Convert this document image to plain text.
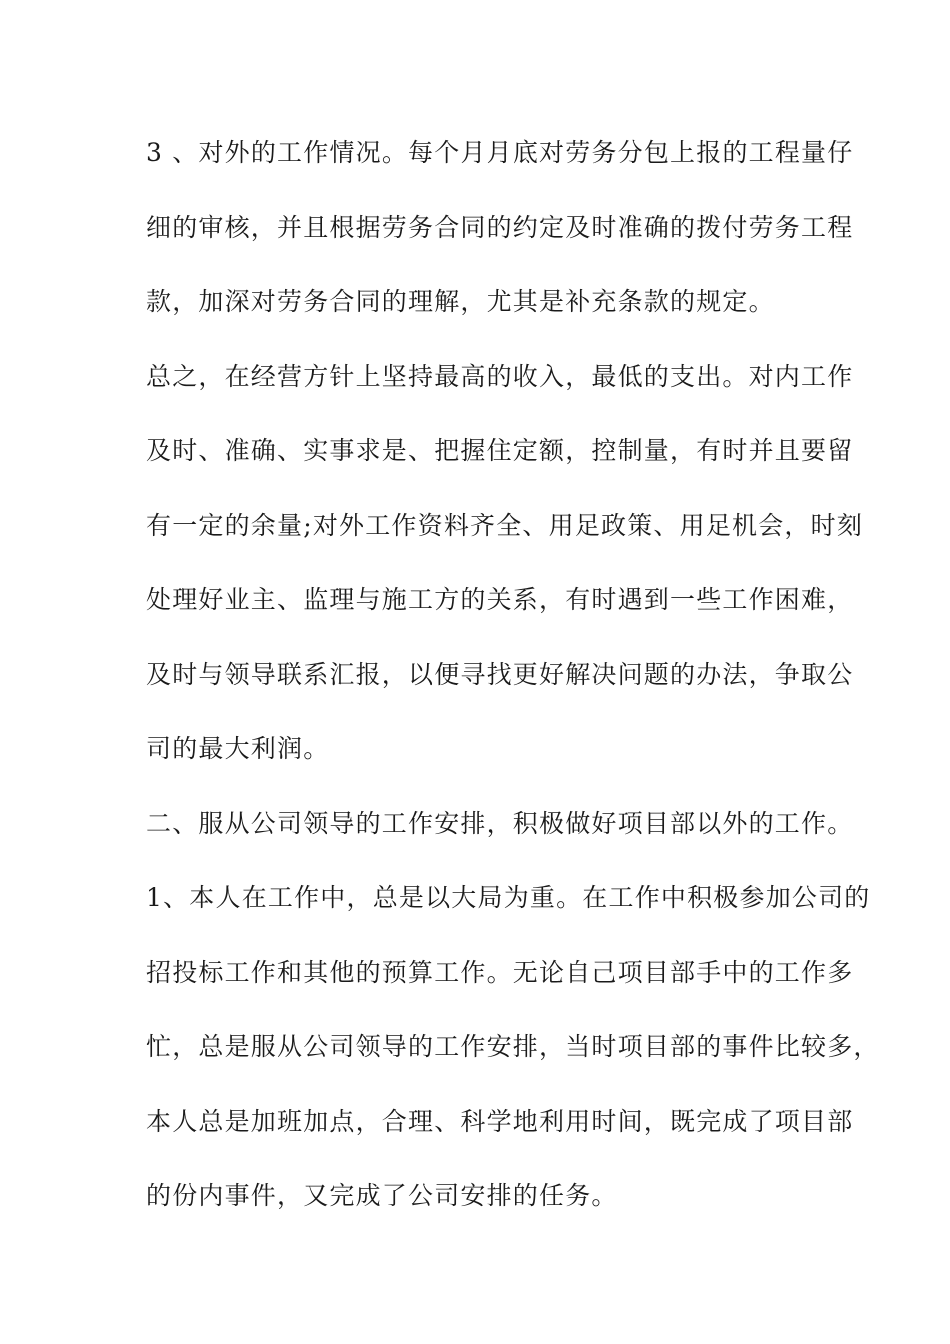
3 、对外的工作情况。每个月月底对劳务分包上报的工程量仔
细的审核，并且根据劳务合同的约定及时准确的拨付劳务工程
款，加深对劳务合同的理解，尤其是补充条款的规定。
总之，在经营方针上坚持最高的收入，最低的支出。对内工作
及时、准确、实事求是、把握住定额，控制量，有时并且要留
有一定的余量;对外工作资料齐全、用足政策、用足机会，时刻
处理好业主、监理与施工方的关系，有时遇到一些工作困难，
及时与领导联系汇报，以便寻找更好解决问题的办法，争取公
司的最大利润。
二、服从公司领导的工作安排，积极做好项目部以外的工作。
1、本人在工作中，总是以大局为重。在工作中积极参加公司的
招投标工作和其他的预算工作。无论自己项目部手中的工作多
忙，总是服从公司领导的工作安排，当时项目部的事件比较多，
本人总是加班加点，合理、科学地利用时间，既完成了项目部
的份内事件，又完成了公司安排的任务。
